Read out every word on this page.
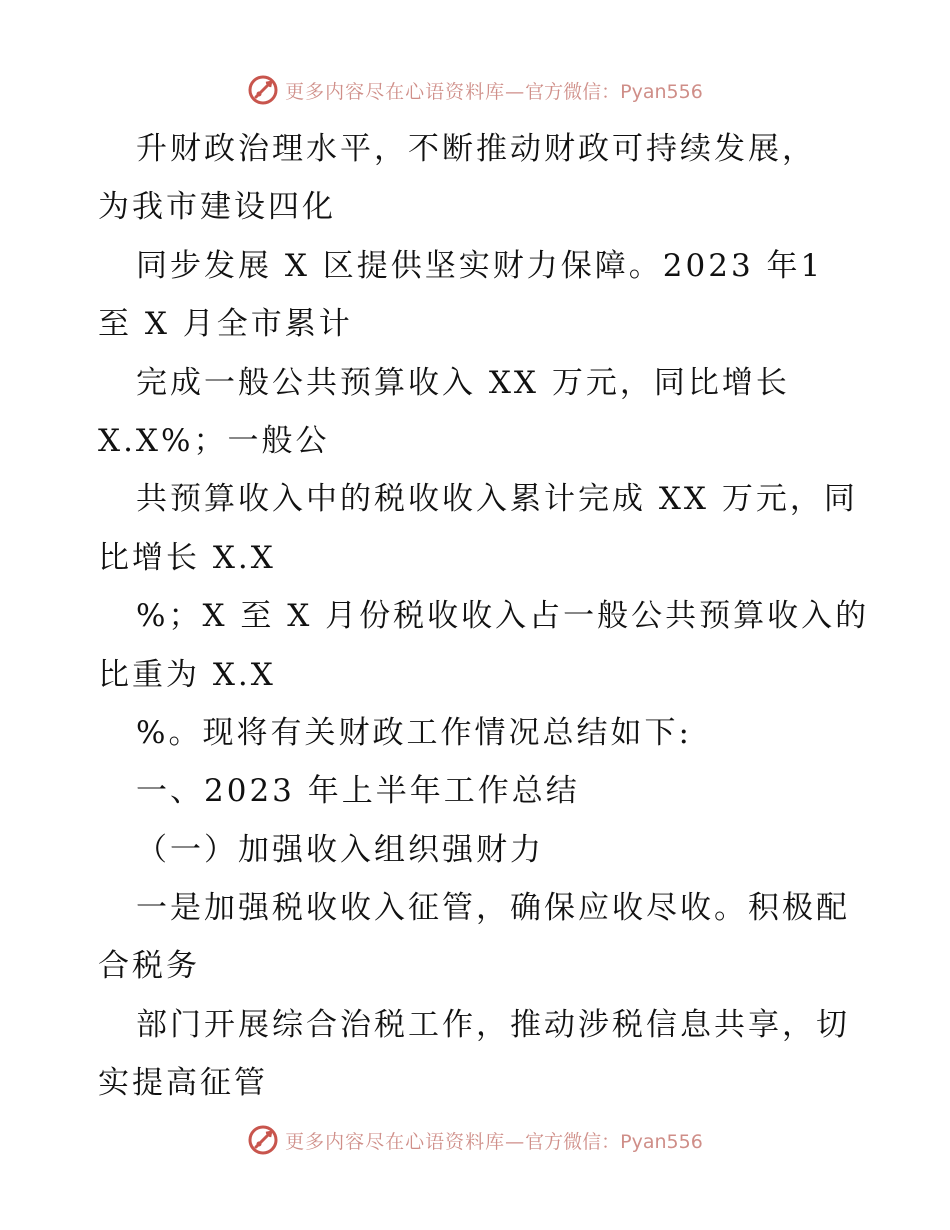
更多内容尽在心语资料库— 官方微信：Pyan556
升财政治理水平，不断推动财政可持续发展，
为我市建设四化
同步发展 X 区提供坚实财力保障。2023 年1
至 X 月全市累计
完成一般公共预算收入 XX 万元，同比增长
X.X%；一般公
共预算收入中的税收收入累计完成 XX 万元，同
比增长 X.X
%；X 至 X 月份税收收入占一般公共预算收入的
比重为 X.X
%。现将有关财政工作情况总结如下:
一、2023 年上半年工作总结
（一）加强收入组织强财力
一是加强税收收入征管，确保应收尽收。积极配
合税务
部门开展综合治税工作，推动涉税信息共享，切
实提高征管
更多内容尽在心语资料库— 官方微信：Pyan556
